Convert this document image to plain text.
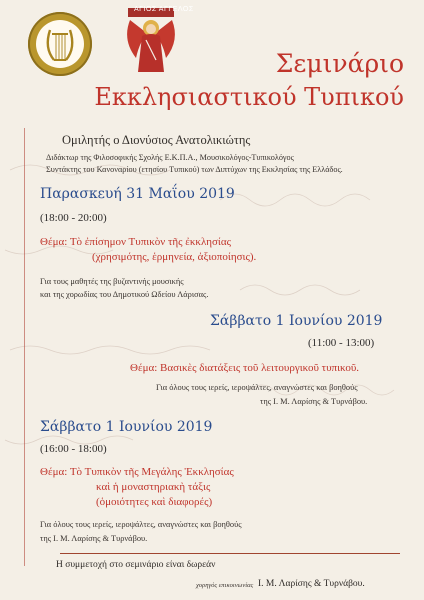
ΑΓΙΟΣ ΑΓΓΕΛΟΣ
Σεμινάριο
Εκκλησιαστικού Τυπικού
Ομιλητής ο Διονύσιος Ανατολικιώτης
Διδάκτωρ της Φιλοσοφικής Σχολής Ε.Κ.Π.Α., Μουσικολόγος-Τυπικολόγος
Συντάκτης του Κανοναρίου (ετησίου Τυπικού) των Διπτύχων της Εκκλησίας της Ελλάδος.
Παρασκευή 31 Μαΐου 2019
(18:00 - 20:00)
Θέμα: Τὸ ἐπίσημον Τυπικὸν τῆς ἐκκλησίας
(χρησιμότης, ἑρμηνεία, ἀξιοποίησις).
Για τους μαθητές της βυζαντινής μουσικής
και της χορωδίας του Δημοτικού Ωδείου Λάρισας.
Σάββατο 1 Ιουνίου 2019
(11:00 - 13:00)
Θέμα: Βασικὲς διατάξεις τοῦ λειτουργικοῦ τυπικοῦ.
Για όλους τους ιερείς, ιεροψάλτες, αναγνώστες και βοηθούς
της Ι. Μ. Λαρίσης & Τυρνάβου.
Σάββατο 1 Ιουνίου 2019
(16:00 - 18:00)
Θέμα: Τὸ Τυπικὸν τῆς Μεγάλης Ἐκκλησίας
καὶ ἡ μοναστηριακὴ τάξις
(ὁμοιότητες καὶ διαφορές)
Για όλους τους ιερείς, ιεροψάλτες, αναγνώστες και βοηθούς
της Ι. Μ. Λαρίσης & Τυρνάβου.
Η συμμετοχή στο σεμινάριο είναι δωρεάν
χορηγός επικοινωνίας Ι. Μ. Λαρίσης & Τυρνάβου.
